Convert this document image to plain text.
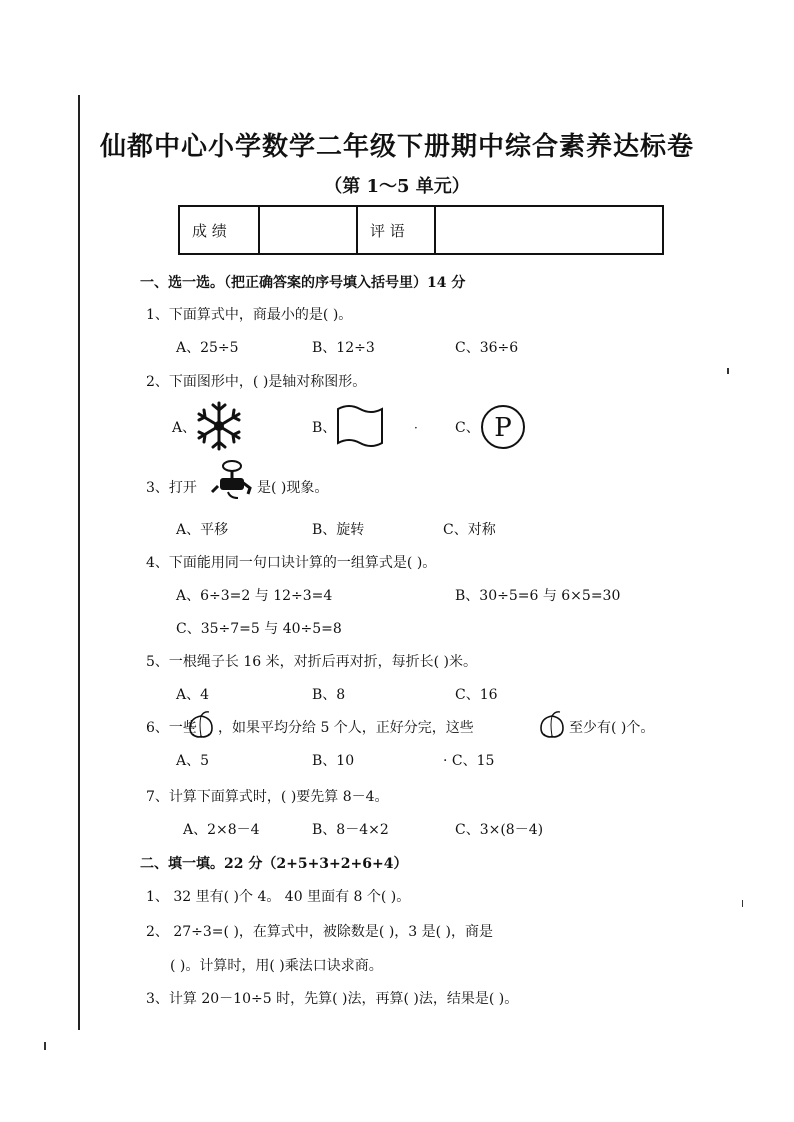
仙都中心小学数学二年级下册期中综合素养达标卷
（第 1～5 单元）
成 绩		评 语	
一、选一选。（把正确答案的序号填入括号里）14 分
1、下面算式中，商最小的是( )。
A、25÷5	B、12÷3	C、36÷6
2、下面图形中，( )是轴对称图形。
A、	B、	·	C、 P
3、打开	是( )现象。
A、平移	B、旋转	C、对称
4、下面能用同一句口诀计算的一组算式是( )。
A、6÷3=2 与 12÷3=4	B、30÷5=6 与 6×5=30
C、35÷7=5 与 40÷5=8
5、一根绳子长 16 米，对折后再对折，每折长( )米。
A、4	B、8	C、16
6、一些 ，如果平均分给 5 个人，正好分完，这些	至少有( )个。
A、5	B、10	· C、15
7、计算下面算式时，( )要先算 8－4。
A、2×8－4	B、8－4×2	C、3×(8－4)
二、填一填。22 分（2+5+3+2+6+4）
1、 32 里有( )个 4。 40 里面有 8 个( )。
2、 27÷3=( )，在算式中，被除数是( )，3 是( )，商是
( )。计算时，用( )乘法口诀求商。
3、计算 20－10÷5 时，先算( )法，再算( )法，结果是( )。
